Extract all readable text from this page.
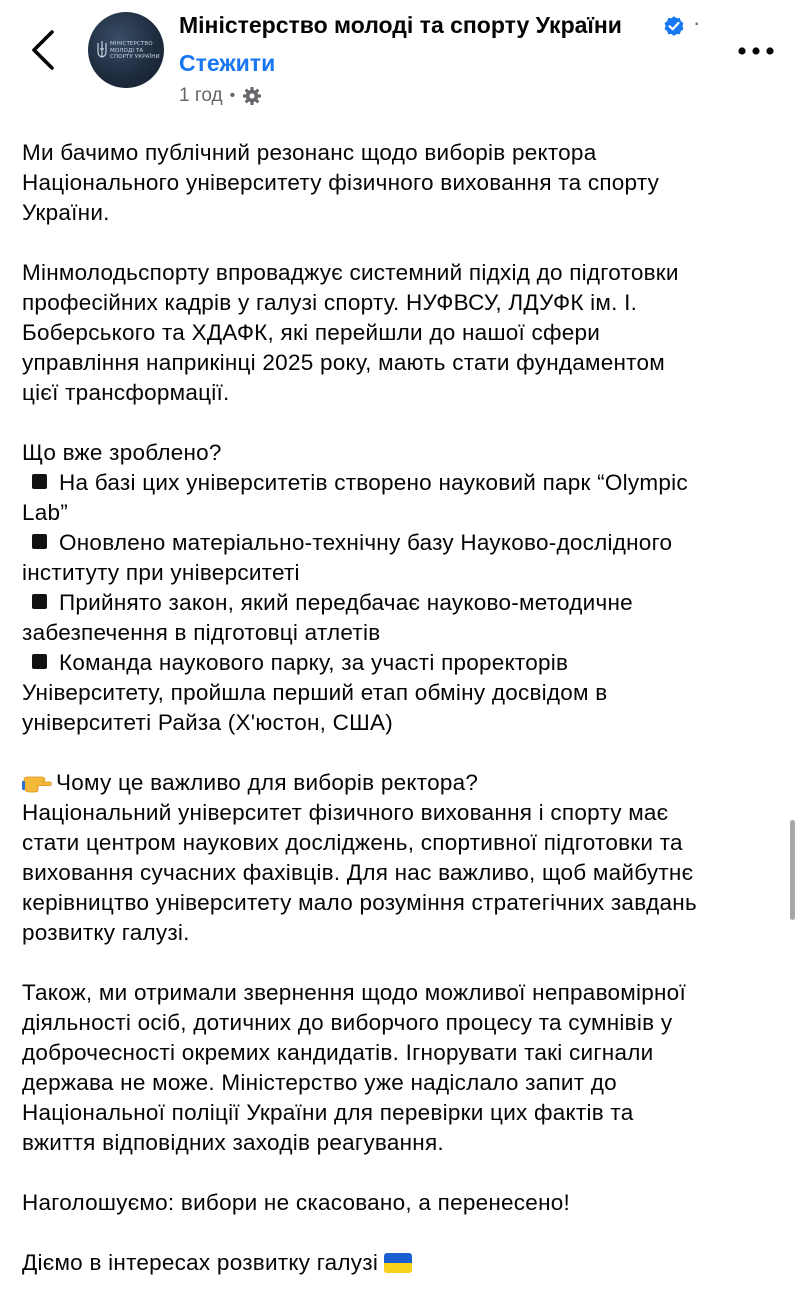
МІНІСТЕРСТВО МОЛОДІ ТА СПОРТУ УКРАЇНИ
Міністерство молоді та спорту України	·
Стежити
1 год •

Ми бачимо публічний резонанс щодо виборів ректора
Національного університету фізичного виховання та спорту
України.

Мінмолодьспорту впроваджує системний підхід до підготовки
професійних кадрів у галузі спорту. НУФВСУ, ЛДУФК ім. І.
Боберського та ХДАФК, які перейшли до нашої сфери
управління наприкінці 2025 року, мають стати фундаментом
цієї трансформації.

Що вже зроблено?
На базі цих університетів створено науковий парк “Olympic
Lab”
Оновлено матеріально-технічну базу Науково-дослідного
інституту при університеті
Прийнято закон, який передбачає науково-методичне
забезпечення в підготовці атлетів
Команда наукового парку, за участі проректорів
Університету, пройшла перший етап обміну досвідом в
університеті Райза (Х'юстон, США)

Чому це важливо для виборів ректора?
Національний університет фізичного виховання і спорту має
стати центром наукових досліджень, спортивної підготовки та
виховання сучасних фахівців. Для нас важливо, щоб майбутнє
керівництво університету мало розуміння стратегічних завдань
розвитку галузі.

Також, ми отримали звернення щодо можливої неправомірної
діяльності осіб, дотичних до виборчого процесу та сумнівів у
доброчесності окремих кандидатів. Ігнорувати такі сигнали
держава не може. Міністерство уже надіслало запит до
Національної поліції України для перевірки цих фактів та
вжиття відповідних заходів реагування.

Наголошуємо: вибори не скасовано, а перенесено!

Діємо в інтересах розвитку галузі
